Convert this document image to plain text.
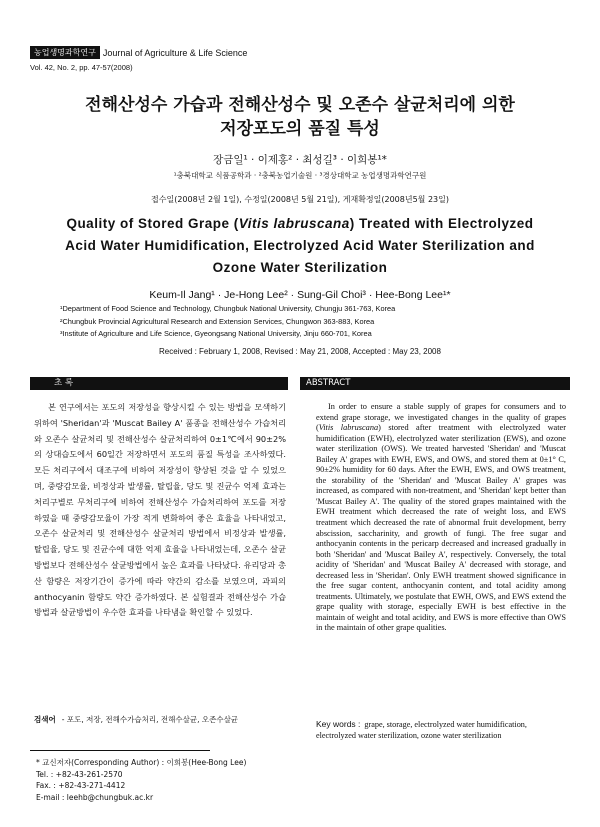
농업생명과학연구 Journal of Agriculture & Life Science
Vol. 42, No. 2, pp. 47-57(2008)
전해산성수 가습과 전해산성수 및 오존수 살균처리에 의한
저장포도의 품질 특성
장금일¹ · 이제홍² · 최성길³ · 이희봉¹*
¹충북대학교 식품공학과 · ²충북농업기술원 · ³경상대학교 농업생명과학연구원
접수일(2008년 2월 1일), 수정일(2008년 5월 21일), 게재확정일(2008년5월 23일)
Quality of Stored Grape (Vitis labruscana) Treated with Electrolyzed
Acid Water Humidification, Electrolyzed Acid Water Sterilization and
Ozone Water Sterilization
Keum-Il Jang¹ · Je-Hong Lee² · Sung-Gil Choi³ · Hee-Bong Lee¹*
¹Department of Food Science and Technology, Chungbuk National University, Chungju 361-763, Korea
²Chungbuk Provincial Agricultural Research and Extension Services, Chungwon 363-883, Korea
³Institute of Agriculture and Life Science, Gyeongsang National University, Jinju 660-701, Korea
Received : February 1, 2008, Revised : May 21, 2008, Accepted : May 23, 2008
초 록	ABSTRACT
본 연구에서는 포도의 저장성을 향상시킬 수 있는 방법을 모색하기 위하여 'Sheridan'과 'Muscat Bailey A' 품종을 전해산성수 가습처리와 오존수 살균처리 및 전해산성수 살균처리하여 0±1℃에서 90±2%의 상대습도에서 60일간 저장하면서 포도의 품질 특성을 조사하였다. 모든 처리구에서 대조구에 비하여 저장성이 향상된 것을 알 수 있었으며, 중량감모율, 비정상과 발생률, 탈립율, 당도 및 진균수 억제 효과는 처리구별로 무처리구에 비하여 전해산성수 가습처리하여 포도를 저장하였을 때 중량감모율이 가장 적게 변화하여 좋은 효율을 나타내었고, 오존수 살균처리 및 전해산성수 살균처리 방법에서 비정상과 발생률, 탈립율, 당도 및 진균수에 대한 억제 효율을 나타내었는데, 오존수 살균방법보다 전해산성수 살균방법에서 높은 효과를 나타났다. 유리당과 총산 함량은 저장기간이 증가에 따라 약간의 감소를 보였으며, 과피의 anthocyanin 함량도 약간 증가하였다. 본 실험결과 전해산성수 가습방법과 살균방법이 우수한 효과를 나타냄을 확인할 수 있었다.
검색어 - 포도, 저장, 전해수가습처리, 전해수살균, 오존수살균
In order to ensure a stable supply of grapes for consumers and to extend grape storage, we investigated changes in the quality of grapes (Vitis labruscana) stored after treatment with electrolyzed water humidification (EWH), electrolyzed water sterilization (EWS), and ozone water sterilization (OWS). We treated harvested 'Sheridan' and 'Muscat Bailey A' grapes with EWH, EWS, and OWS, and stored them at 0±1° C, 90±2% humidity for 60 days. After the EWH, EWS, and OWS treatment, the storability of the 'Sheridan' and 'Muscat Bailey A' grapes was increased, as compared with non-treatment, and 'Sheridan' kept better than 'Muscat Bailey A'. The quality of the stored grapes maintained with the EWH treatment which decreased the rate of weight loss, and EWS treatment which decreased the rate of abnormal fruit development, berry abscission, saccharinity, and growth of fungi. The free sugar and anthocyanin contents in the pericarp decreased and increased gradually in both 'Sheridan' and 'Muscat Bailey A', respectively. Conversely, the total acidity of 'Sheridan' and 'Muscat Bailey A' decreased with storage, and decreased less in 'Sheridan'. Only EWH treatment showed significance in the free sugar content, anthocyanin content, and total acidity among treatments. Ultimately, we postulate that EWH, OWS, and EWS extend the grape quality with storage, especially EWH is best effective in the maintain of weight and total acidity, and EWS is more effective than OWS in the maintain of other grape qualities.
Key words : grape, storage, electrolyzed water humidification, electrolyzed water sterilization, ozone water sterilization
* 교신저자(Corresponding Author) : 이희봉(Hee-Bong Lee)
Tel. : +82-43-261-2570
Fax. : +82-43-271-4412
E-mail : leehb@chungbuk.ac.kr
